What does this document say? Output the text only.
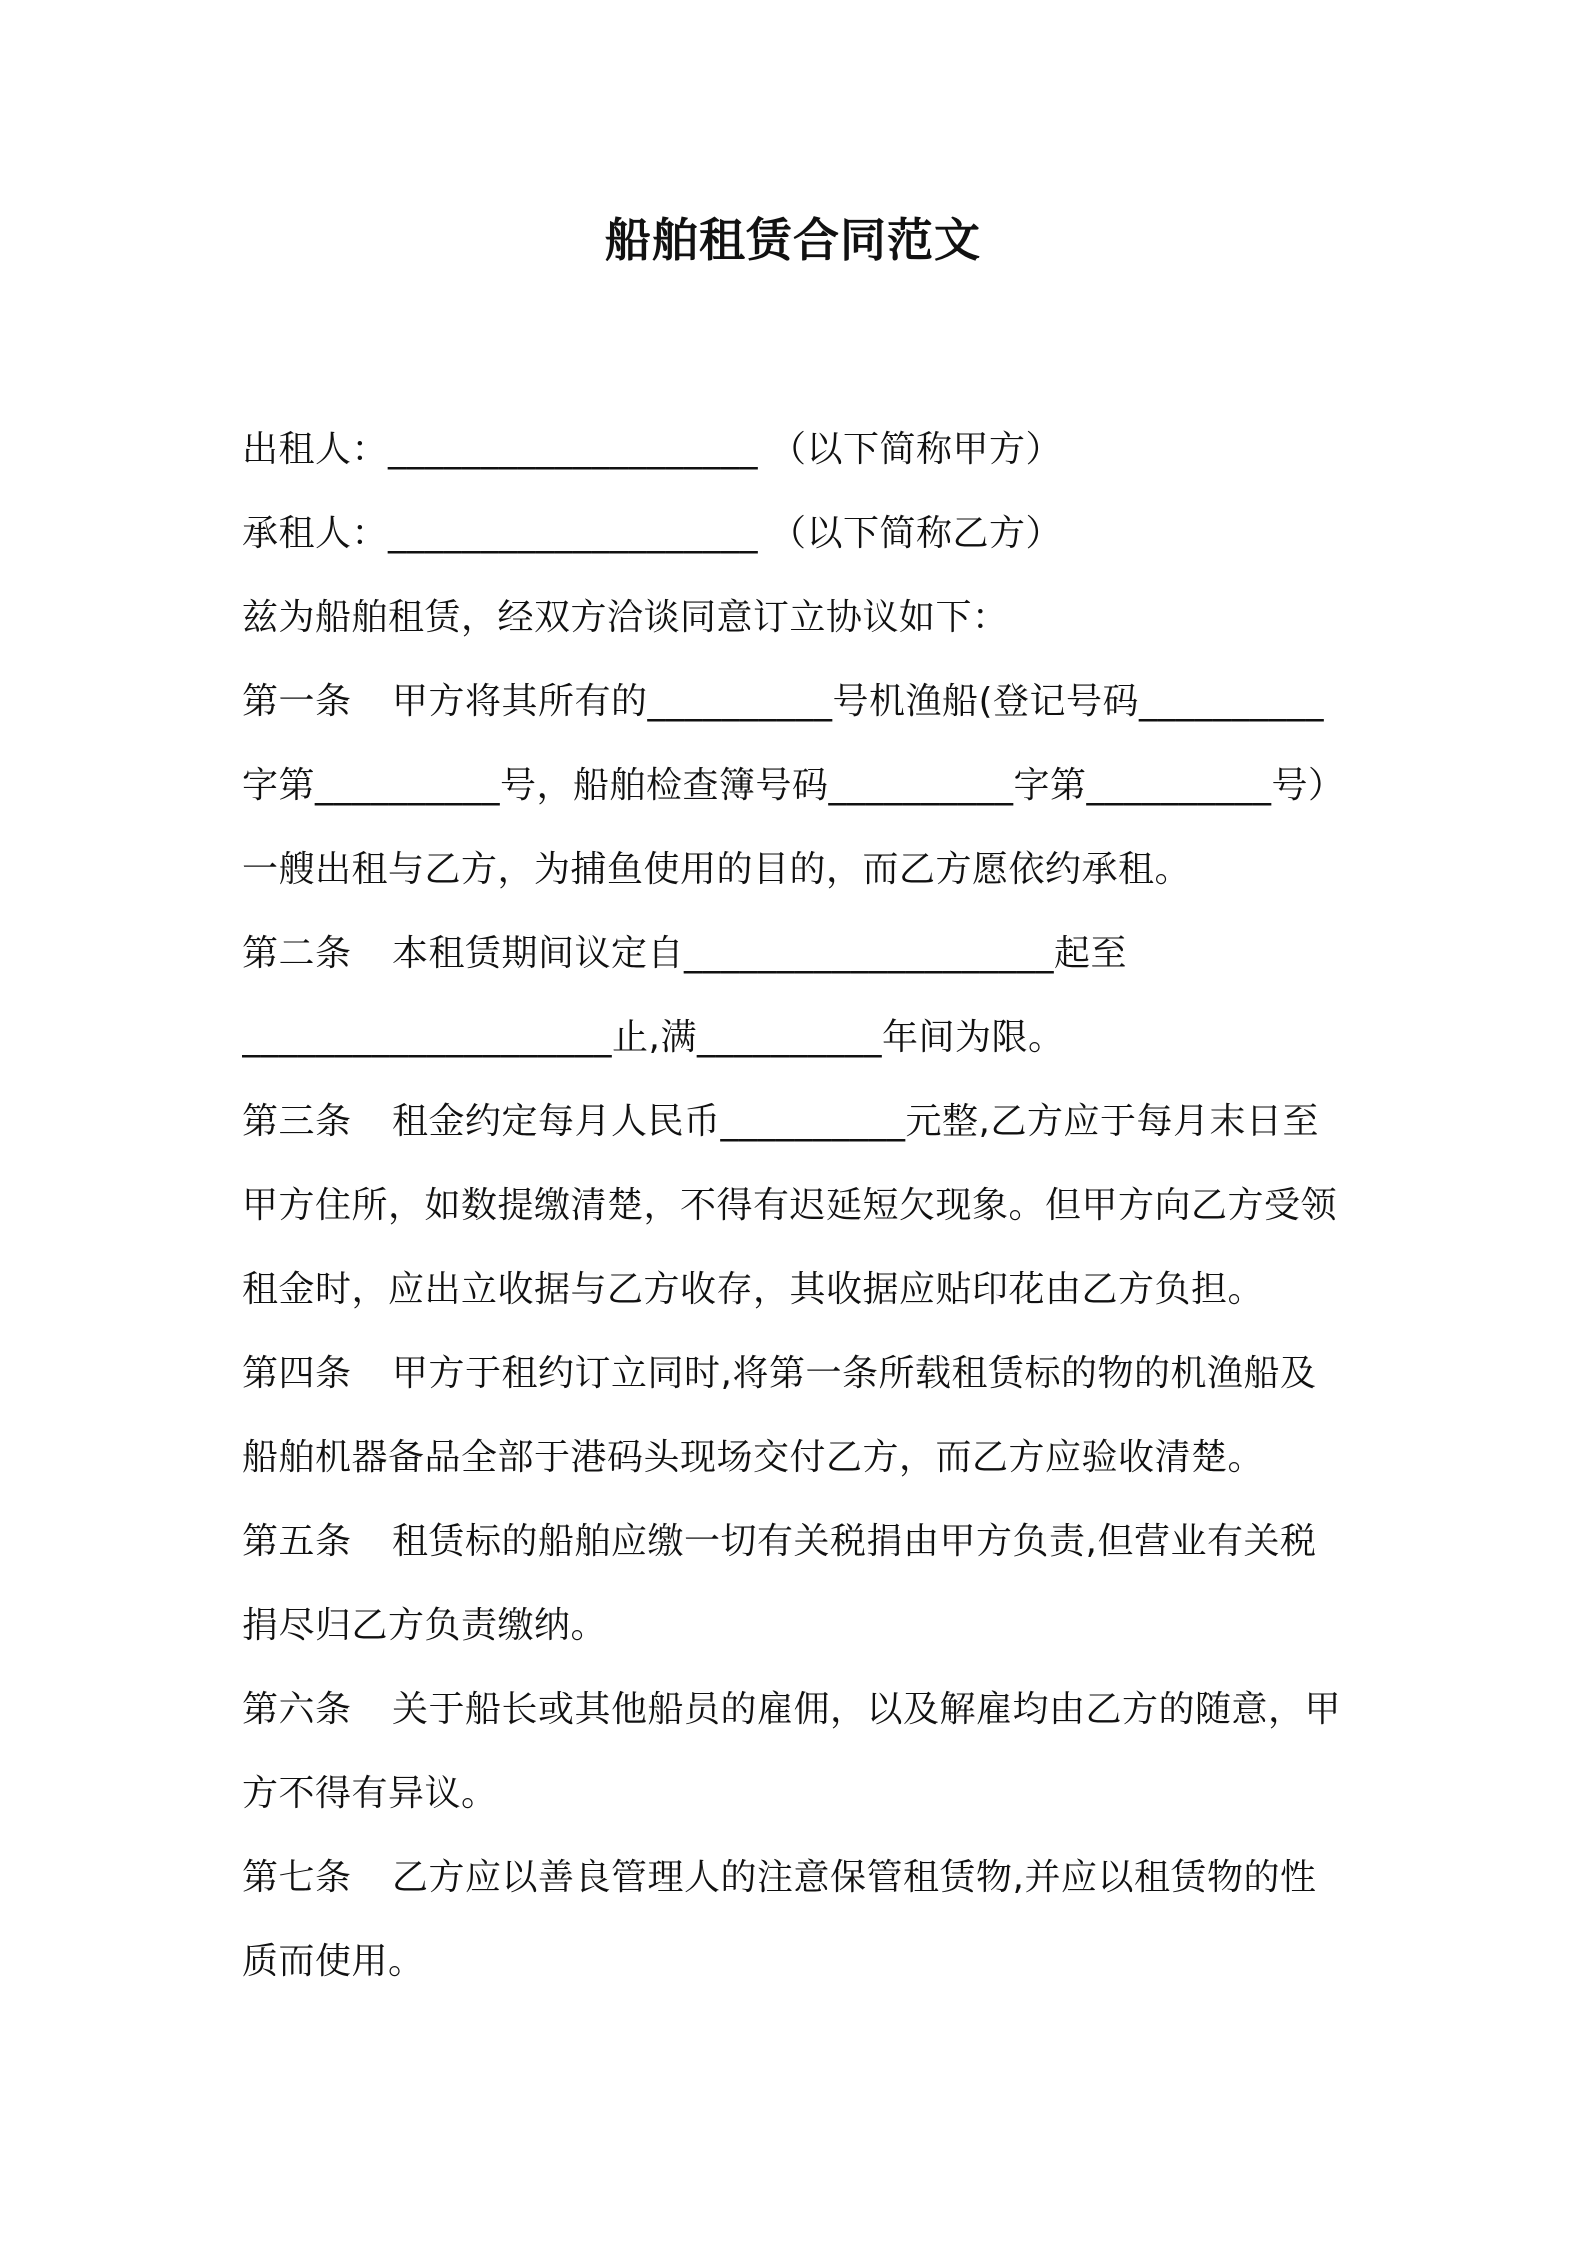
船舶租赁合同范文
出租人：____________________ （以下简称甲方）
承租人：____________________ （以下简称乙方）
兹为船舶租赁，经双方洽谈同意订立协议如下：
第一条 甲方将其所有的__________号机渔船(登记号码__________
字第__________号，船舶检查簿号码__________字第__________号）
一艘出租与乙方，为捕鱼使用的目的，而乙方愿依约承租。
第二条 本租赁期间议定自____________________起至
____________________止,满__________年间为限。
第三条 租金约定每月人民币__________元整,乙方应于每月末日至
甲方住所，如数提缴清楚，不得有迟延短欠现象。但甲方向乙方受领
租金时，应出立收据与乙方收存，其收据应贴印花由乙方负担。
第四条 甲方于租约订立同时,将第一条所载租赁标的物的机渔船及
船舶机器备品全部于港码头现场交付乙方，而乙方应验收清楚。
第五条 租赁标的船舶应缴一切有关税捐由甲方负责,但营业有关税
捐尽归乙方负责缴纳。
第六条 关于船长或其他船员的雇佣，以及解雇均由乙方的随意，甲
方不得有异议。
第七条 乙方应以善良管理人的注意保管租赁物,并应以租赁物的性
质而使用。
